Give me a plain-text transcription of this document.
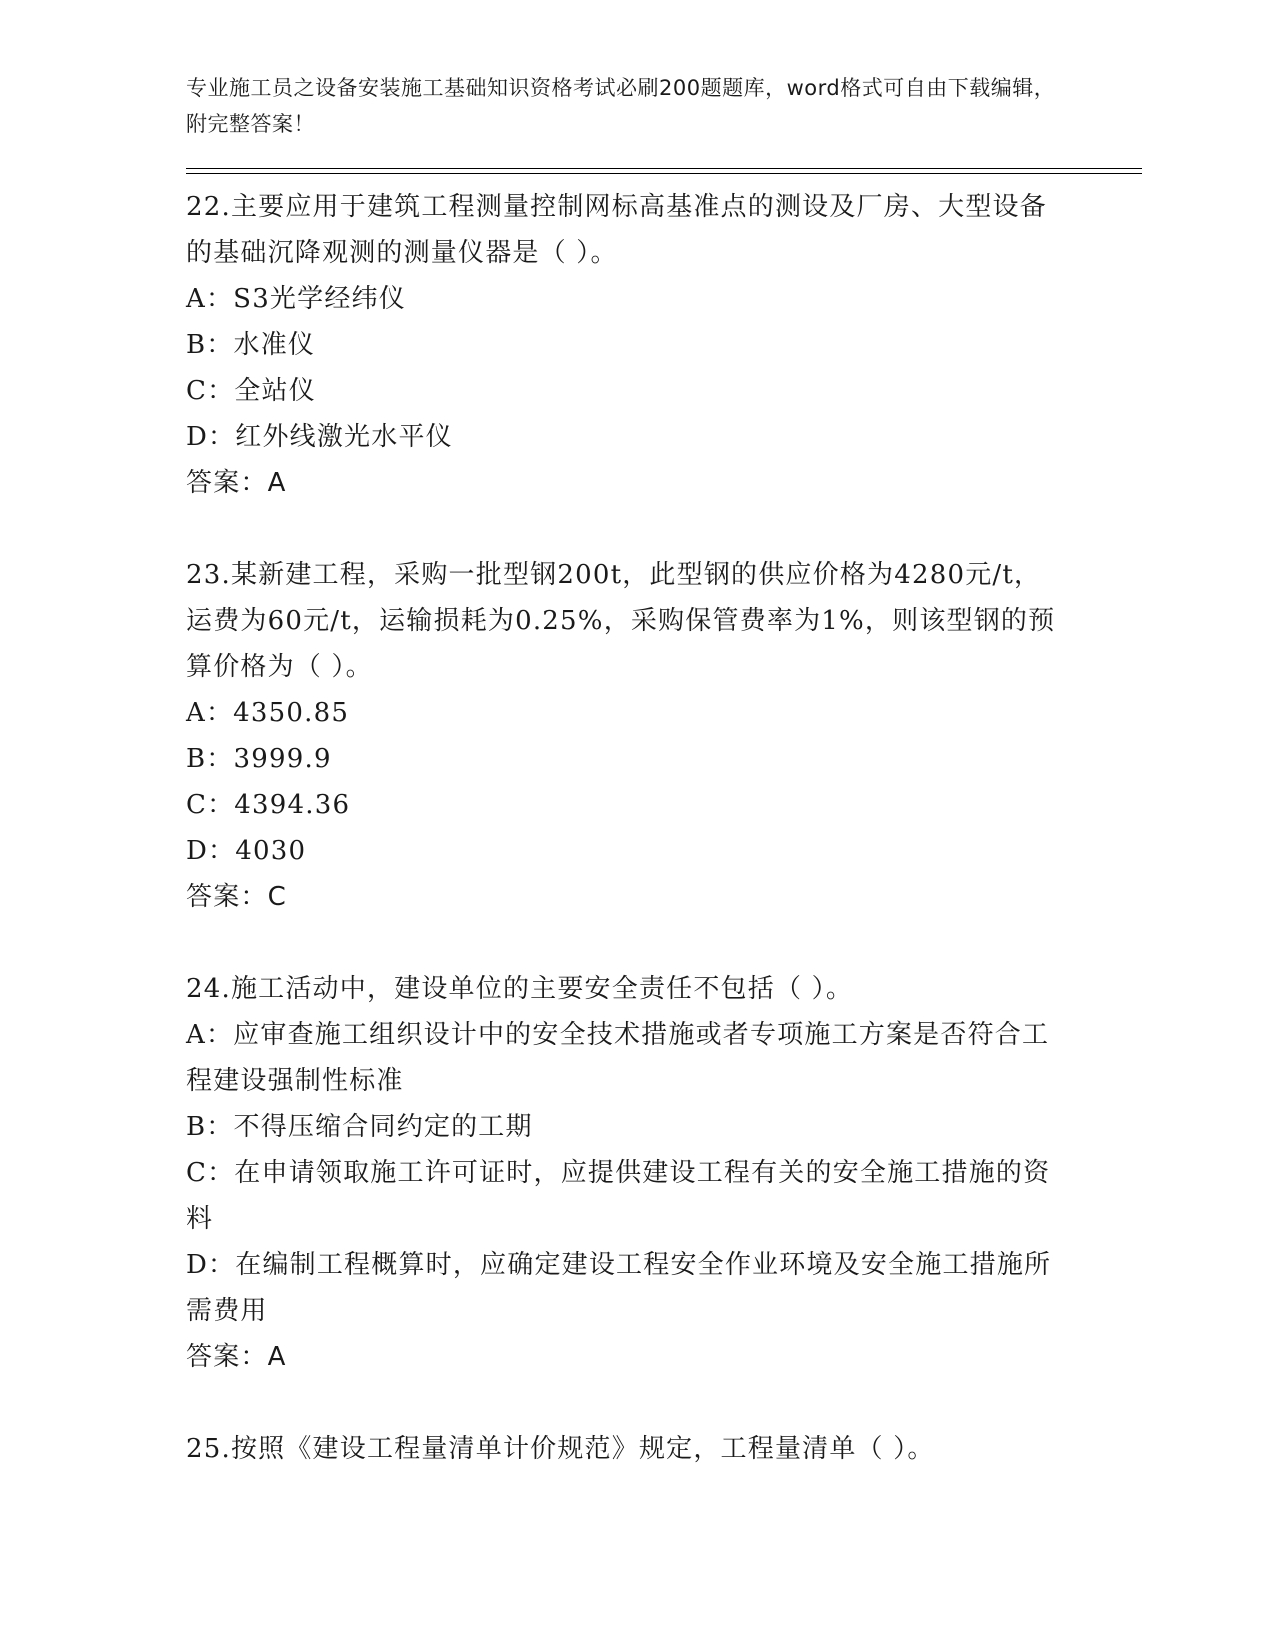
专业施工员之设备安装施工基础知识资格考试必刷200题题库，word格式可自由下载编辑，附完整答案！
22.主要应用于建筑工程测量控制网标高基准点的测设及厂房、大型设备的基础沉降观测的测量仪器是（ ）。
A：S3光学经纬仪
B：水准仪
C：全站仪
D：红外线激光水平仪
答案：A
23.某新建工程，采购一批型钢200t，此型钢的供应价格为4280元/t，运费为60元/t，运输损耗为0.25%，采购保管费率为1%，则该型钢的预算价格为（ ）。
A：4350.85
B：3999.9
C：4394.36
D：4030
答案：C
24.施工活动中，建设单位的主要安全责任不包括（ ）。
A：应审查施工组织设计中的安全技术措施或者专项施工方案是否符合工程建设强制性标准
B：不得压缩合同约定的工期
C：在申请领取施工许可证时，应提供建设工程有关的安全施工措施的资料
D：在编制工程概算时，应确定建设工程安全作业环境及安全施工措施所需费用
答案：A
25.按照《建设工程量清单计价规范》规定，工程量清单（ ）。
